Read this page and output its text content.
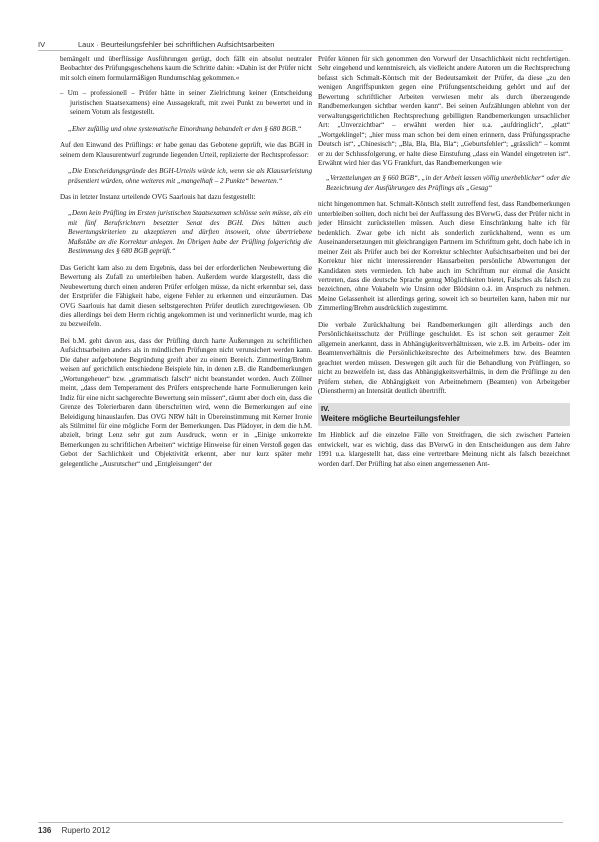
IV	Laux · Beurteilungsfehler bei schriftlichen Aufsichtsarbeiten

bemängelt und überflüssige Ausführungen gerügt, doch fällt ein absolut neutraler Beobachter des Prüfungsgeschehens kaum die Schritte dahin: »Dahin ist der Prüfer nicht mit solch einem formularmäßigen Rundumschlag gekommen.«

– Um – professionell – Prüfer hätte in seiner Zielrichtung keiner (Entscheidung juristischen Staatsexamens) eine Aussagekraft, mit zwei Punkt zu bewertet und in seinem Votum als festgestellt.

„Eher zufällig und ohne systematische Einordnung behandelt er den § 680 BGB.“

Auf den Einwand des Prüflings: er habe genau das Gebotene geprüft, wie das BGH in seinem dem Klausurentwurf zugrunde liegenden Urteil, replizierte der Rechtsprofessor:

„Die Entscheidungsgründe des BGH-Urteils würde ich, wenn sie als Klausurleistung präsentiert würden, ohne weiteres mit „mangelhaft – 2 Punkte“ bewerten.“

Das in letzter Instanz urteilende OVG Saarlouis hat dazu festgestellt:

„Denn kein Prüfling im Ersten juristischen Staatsexamen schlösse sein müsse, als ein mit fünf Berufsrichtern besetzter Senat des BGH. Dies hätten auch Bewertungskriterien zu akzeptieren und dürften insoweit, ohne übertriebene Maßstäbe an die Korrektur anlegen. Im Übrigen habe der Prüfling folgerichtig die Bestimmung des § 680 BGB geprüft.“

Das Gericht kam also zu dem Ergebnis, dass bei der erforderlichen Neubewertung die Bewertung als Zufall zu unterbleiben haben. Außerdem wurde klargestellt, dass die Neubewertung durch einen anderen Prüfer erfolgen müsse, da nicht erkennbar sei, dass der Erstprüfer die Fähigkeit habe, eigene Fehler zu erkennen und einzuräumen. Das OVG Saarlouis hat damit diesen selbstgerechten Prüfer deutlich zurechtgewiesen. Ob dies allerdings bei dem Herrn richtig angekommen ist und verinnerlicht wurde, mag ich zu bezweifeln.

Bei b.M. geht davon aus, dass der Prüfling durch harte Äußerungen zu schriftlichen Aufsichtsarbeiten anders als in mündlichen Prüfungen nicht verunsichert werden kann. Die daher aufgebotene Begründung greift aber zu einem Bereich. Zimmerling/Brehm weisen auf gerichtlich entschiedene Beispiele hin, in denen z.B. die Randbemerkungen „Wortungeheuer“ bzw. „grammatisch falsch“ nicht beanstandet worden. Auch Zöllner meint, „dass dem Temperament des Prüfers entsprechende harte Formulierungen kein Indiz für eine nicht sachgerechte Bewertung sein müssen“, räumt aber doch ein, dass die Grenze des Tolerierbaren dann überschritten wird, wenn die Bemerkungen auf eine Beleidigung hinauslaufen. Das OVG NRW hält in Übereinstimmung mit Kerner Ironie als Stilmittel für eine mögliche Form der Bemerkungen. Das Plädoyer, in dem die h.M. abzielt, bringt Lenz sehr gut zum Ausdruck, wenn er in „Einige unkorrekte Bemerkungen zu schriftlichen Arbeiten“ wichtige Hinweise für einen Verstoß gegen das Gebot der Sachlichkeit und Objektivität erkennt, aber nur kurz später mehr gelegentliche „Ausrutscher“ und „Entgleisungen“ der

Prüfer können für sich genommen den Vorwurf der Unsachlichkeit nicht rechtfertigen. Sehr eingehend und kenntnisreich, als vielleicht andere Autoren um die Rechtsprechung befasst sich Schmalt-Köntsch mit der Bedeutsamkeit der Prüfer, da diese „zu den wenigen Angriffspunkten gegen eine Prüfungsentscheidung gehört und auf der Bewertung schriftlicher Arbeiten verwiesen mehr als durch überzeugende Randbemerkungen sichtbar werden kann“. Bei seinen Aufzählungen ablehnt von der verwaltungsgerichtlichen Rechtsprechung gebilligten Randbemerkungen unsachlicher Art: „Unverzichtbar“ – erwähnt werden hier u.a. „aufdringlich“, „platt“ „Wortgeklingel“; „hier muss man schon bei dem einen erinnern, dass Prüfungssprache Deutsch ist“, „Chinesisch“; „Bla, Bla, Bla, Bla“; „Geburtsfehler“; „grässlich“ – kommt er zu der Schlussfolgerung, er halte diese Einstufung „dass ein Wandel eingetreten ist“. Erwähnt wird hier das VG Frankfurt, das Randbemerkungen wie

„Verzettelungen an § 660 BGB“, „in der Arbeit lassen völlig unerbeblicher“ oder die Bezeichnung der Ausführungen des Prüflings als „Gesag“

nicht hingenommen hat. Schmalt-Köntsch stellt zutreffend fest, dass Randbemerkungen unterbleiben sollten, doch nicht bei der Auffassung des BVerwG, dass der Prüfer nicht in jeder Hinsicht zurückstellen müssen. Auch diese Einschränkung halte ich für bedenklich. Zwar gebe ich nicht als sonderlich zurückhaltend, wenn es um Auseinandersetzungen mit gleichrangigen Partnern im Schrifttum geht, doch habe ich in meiner Zeit als Prüfer auch bei der Korrektur schlechter Aufsichtsarbeiten und bei der Korrektur hier nicht interessierender Hausarbeiten persönliche Abwertungen der Kandidaten stets vermieden. Ich habe auch im Schrifttum nur einmal die Ansicht vertreten, dass die deutsche Sprache genug Möglichkeiten bietet, Falsches als falsch zu bezeichnen, ohne Vokabeln wie Unsinn oder Blödsinn o.ä. im Anspruch zu nehmen. Meine Gelassenheit ist allerdings gering, soweit ich so beurteilen kann, haben mir nur Zimmerling/Brehm ausdrücklich zugestimmt.

Die verbale Zurückhaltung bei Randbemerkungen gilt allerdings auch den Persönlichkeitsschutz der Prüflinge geschuldet. Es ist schon seit geraumer Zeit allgemein anerkannt, dass in Abhängigkeitsverhältnissen, wie z.B. im Arbeits- oder im Beamtenverhältnis die Persönlichkeitsrechte des Arbeitnehmers bzw. des Beamten geachtet werden müssen. Deswegen gilt auch für die Behandlung von Prüflingen, so nicht zu bezweifeln ist, dass das Abhängigkeitsverhältnis, in dem die Prüflinge zu den Prüfern stehen, die Abhängigkeit von Arbeitnehmern (Beamten) von Arbeitgeber (Dienstherrn) an Intensität deutlich übertrifft.

IV.
Weitere mögliche Beurteilungsfehler

Im Hinblick auf die einzelne Fälle von Streitfragen, die sich zwischen Parteien entwickelt, war es wichtig, dass das BVerwG in den Entscheidungen aus dem Jahre 1991 u.a. klargestellt hat, dass eine vertretbare Meinung nicht als falsch bezeichnet worden darf. Der Prüfling hat also einen angemessenen Ant-

136 Ruperto 2012
